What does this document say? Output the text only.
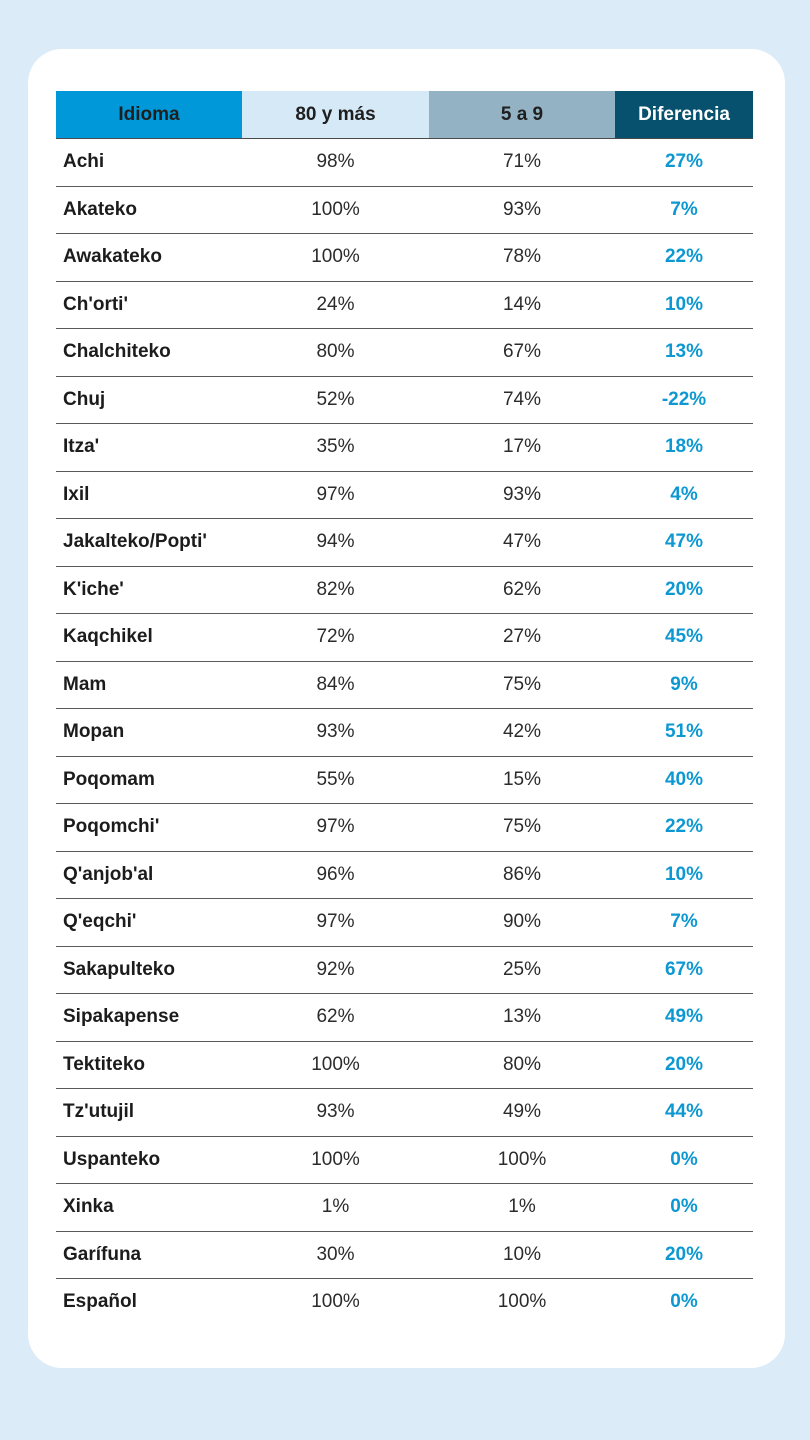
Idioma	80 y más	5 a 9	Diferencia
Achi	98%	71%	27%
Akateko	100%	93%	7%
Awakateko	100%	78%	22%
Ch'orti'	24%	14%	10%
Chalchiteko	80%	67%	13%
Chuj	52%	74%	-22%
Itza'	35%	17%	18%
Ixil	97%	93%	4%
Jakalteko/Popti'	94%	47%	47%
K'iche'	82%	62%	20%
Kaqchikel	72%	27%	45%
Mam	84%	75%	9%
Mopan	93%	42%	51%
Poqomam	55%	15%	40%
Poqomchi'	97%	75%	22%
Q'anjob'al	96%	86%	10%
Q'eqchi'	97%	90%	7%
Sakapulteko	92%	25%	67%
Sipakapense	62%	13%	49%
Tektiteko	100%	80%	20%
Tz'utujil	93%	49%	44%
Uspanteko	100%	100%	0%
Xinka	1%	1%	0%
Garífuna	30%	10%	20%
Español	100%	100%	0%
